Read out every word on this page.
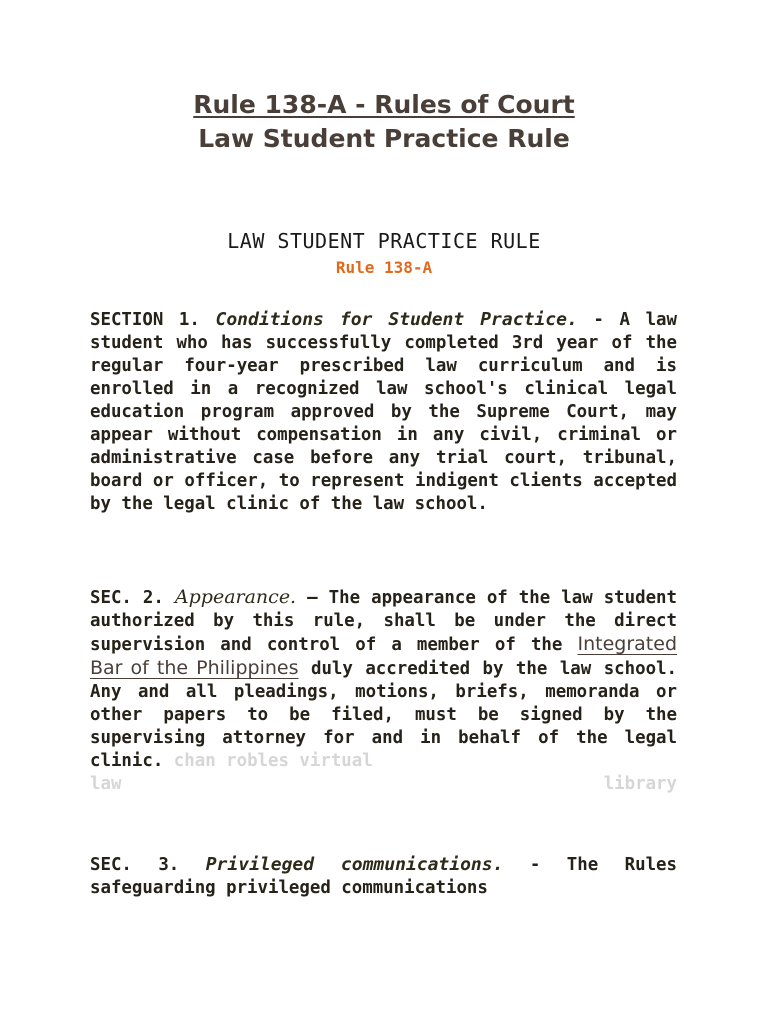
Rule 138-A - Rules of Court
Law Student Practice Rule
LAW STUDENT PRACTICE RULE
Rule 138-A

SECTION 1. Conditions for Student Practice. - A law student who has successfully completed 3rd year of the regular four-year prescribed law curriculum and is enrolled in a recognized law school's clinical legal education program approved by the Supreme Court, may appear without compensation in any civil, criminal or administrative case before any trial court, tribunal, board or officer, to represent indigent clients accepted by the legal clinic of the law school.

SEC. 2. Appearance. – The appearance of the law student authorized by this rule, shall be under the direct supervision and control of a member of the Integrated Bar of the Philippines duly accredited by the law school. Any and all pleadings, motions, briefs, memoranda or other papers to be filed, must be signed by the supervising attorney for and in behalf of the legal clinic. chan robles virtual
law	library

SEC. 3. Privileged communications. - The Rules safeguarding privileged communications
